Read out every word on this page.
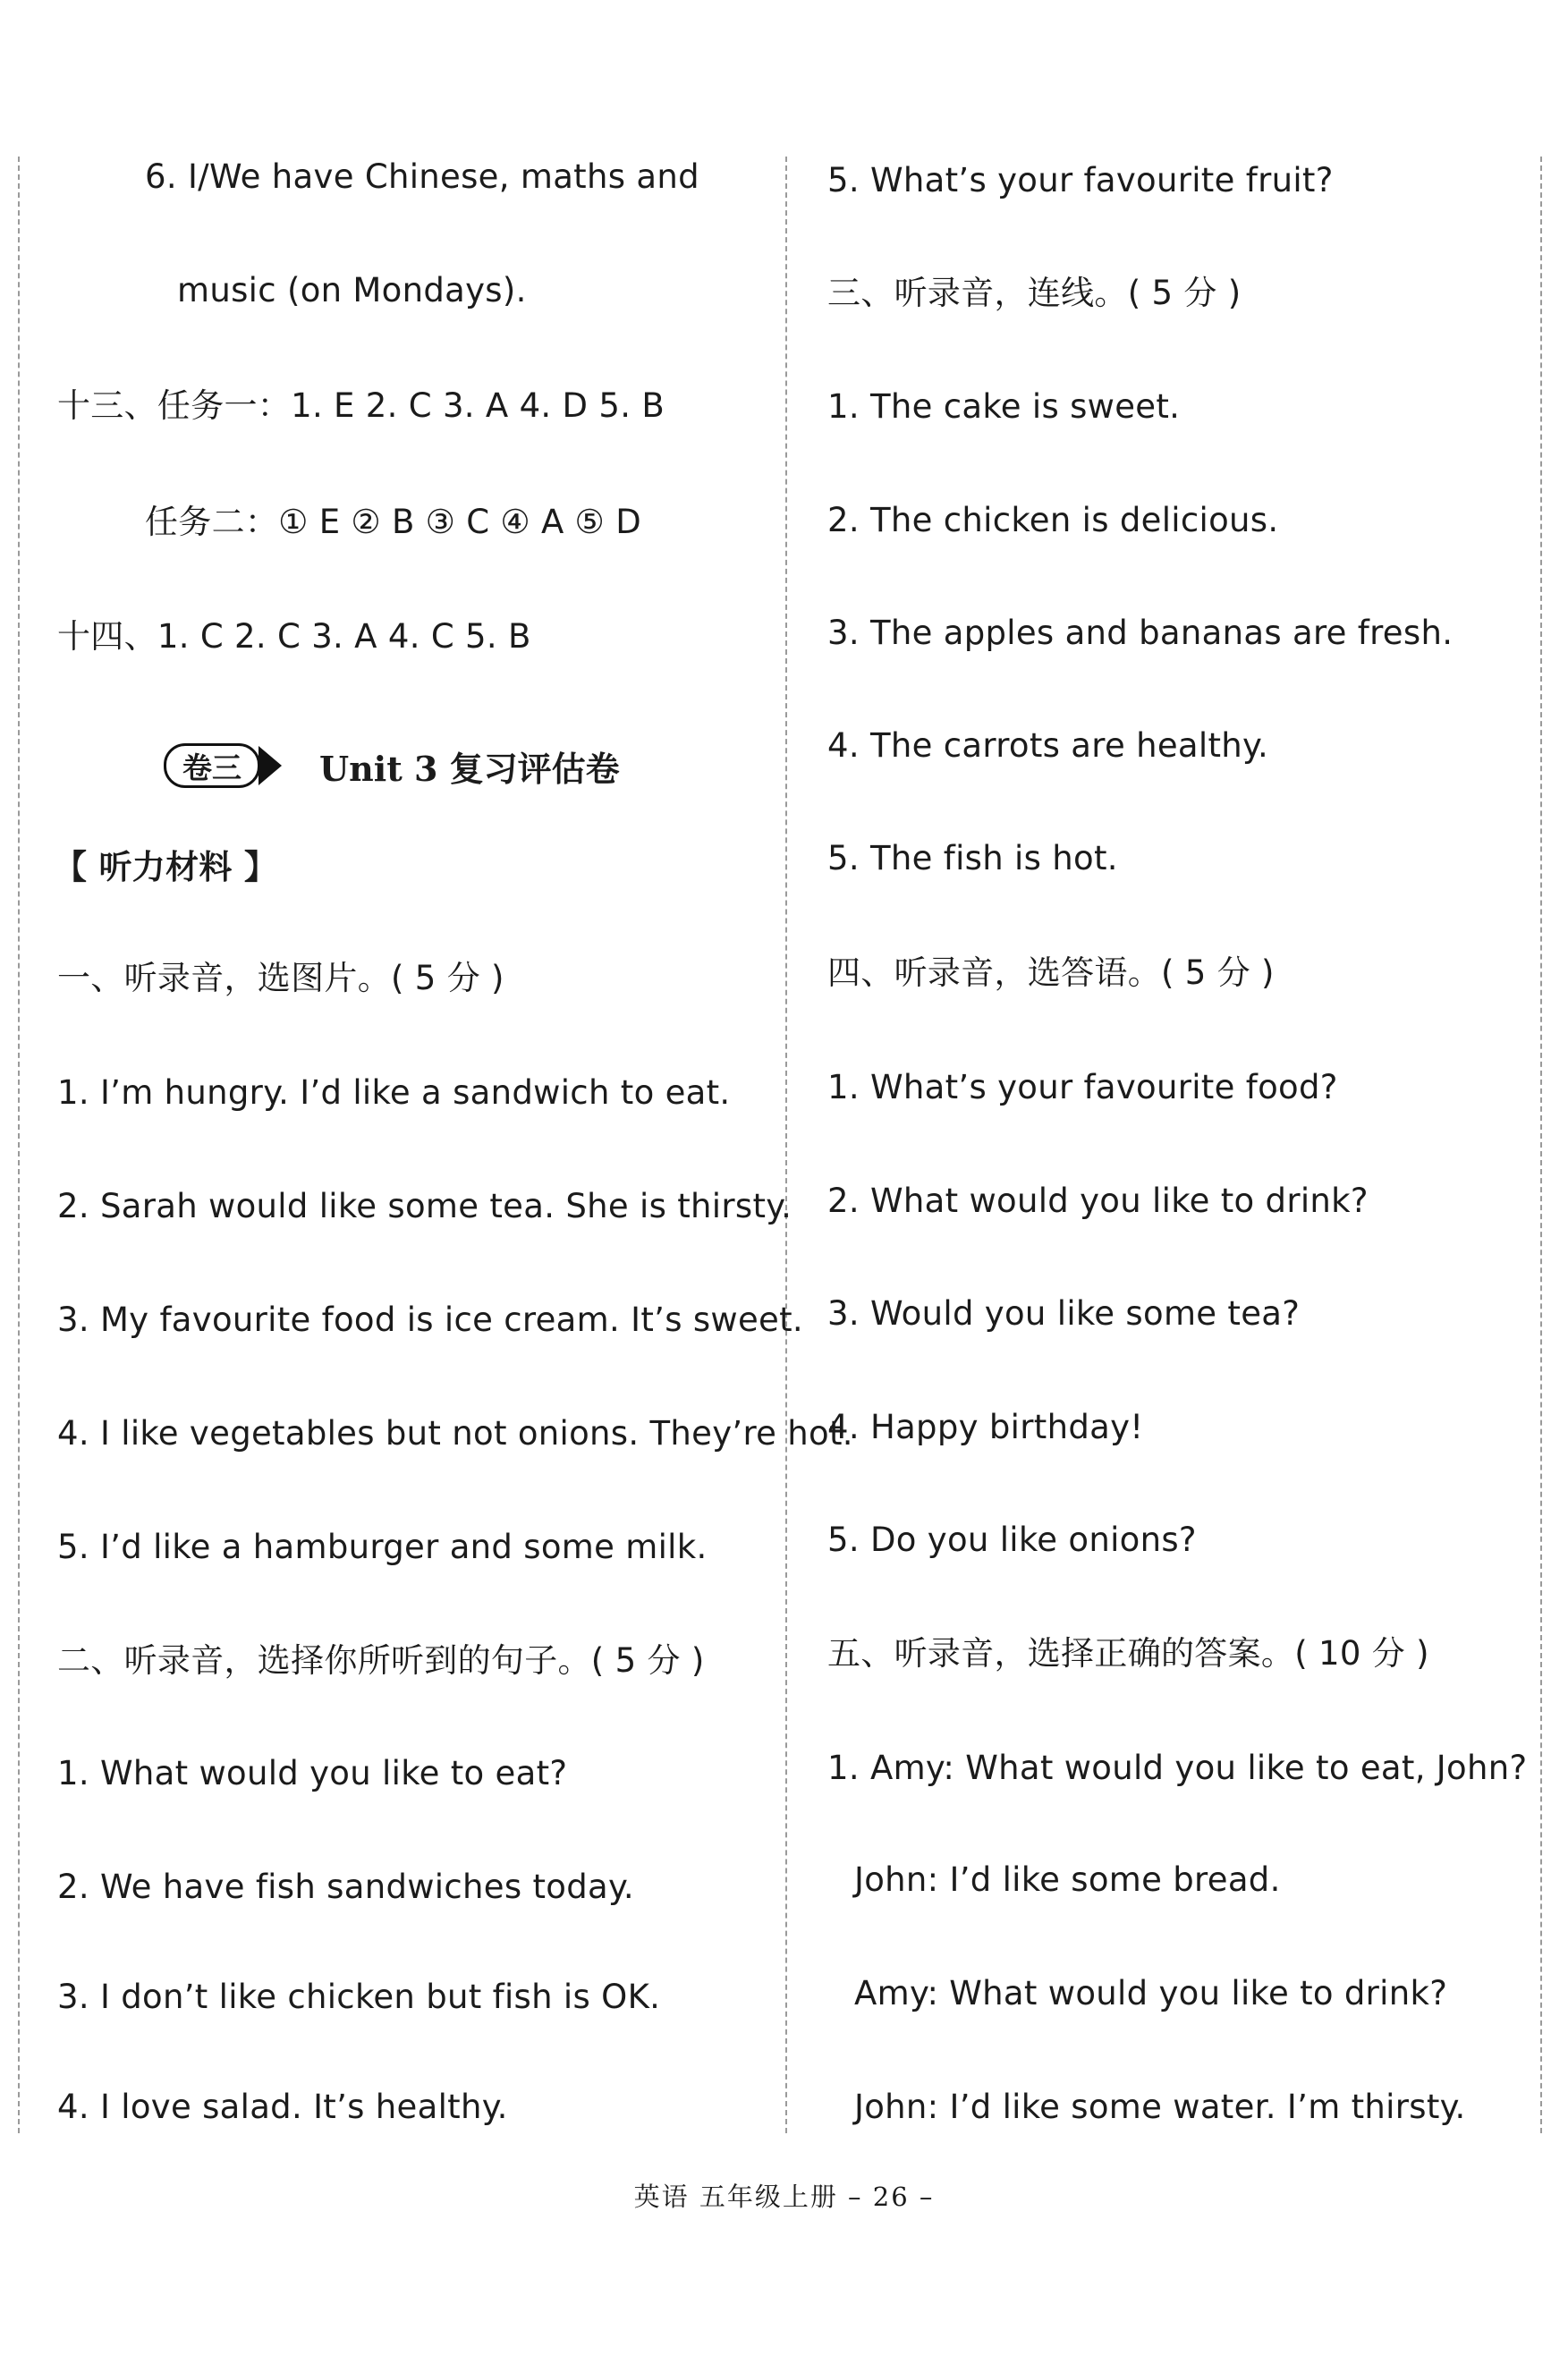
6. I/We have Chinese, maths and
music (on Mondays).
十三、任务一：1. E 2. C 3. A 4. D 5. B
任务二：① E ② B ③ C ④ A ⑤ D
十四、1. C 2. C 3. A 4. C 5. B
卷三	Unit 3 复习评估卷
【 听力材料 】
一、听录音，选图片。( 5 分 )
1. I’m hungry. I’d like a sandwich to eat.
2. Sarah would like some tea. She is thirsty.
3. My favourite food is ice cream. It’s sweet.
4. I like vegetables but not onions. They’re hot.
5. I’d like a hamburger and some milk.
二、听录音，选择你所听到的句子。( 5 分 )
1. What would you like to eat?
2. We have fish sandwiches today.
3. I don’t like chicken but fish is OK.
4. I love salad. It’s healthy.
5. What’s your favourite fruit?
三、听录音，连线。( 5 分 )
1. The cake is sweet.
2. The chicken is delicious.
3. The apples and bananas are fresh.
4. The carrots are healthy.
5. The fish is hot.
四、听录音，选答语。( 5 分 )
1. What’s your favourite food?
2. What would you like to drink?
3. Would you like some tea?
4. Happy birthday!
5. Do you like onions?
五、听录音，选择正确的答案。( 10 分 )
1. Amy: What would you like to eat, John?
John: I’d like some bread.
Amy: What would you like to drink?
John: I’d like some water. I’m thirsty.
英语 五年级上册 – 26 –
